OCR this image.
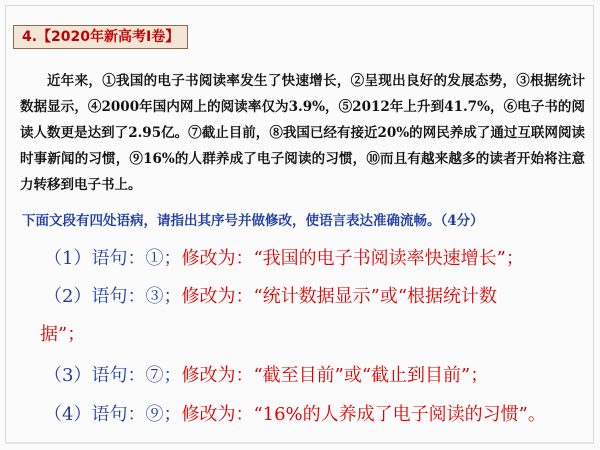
4.【2020年新高考Ⅰ卷】

近年来，①我国的电子书阅读率发生了快速增长，②呈现出良好的发展态势，③根据统计数据显示，④2000年国内网上的阅读率仅为3.9%，⑤2012年上升到41.7%，⑥电子书的阅读人数更是达到了2.95亿。⑦截止目前，⑧我国已经有接近20%的网民养成了通过互联网阅读时事新闻的习惯，⑨16%的人群养成了电子阅读的习惯，⑩而且有越来越多的读者开始将注意力转移到电子书上。

下面文段有四处语病，请指出其序号并做修改，使语言表达准确流畅。（4分）
（1）语句：①；修改为：“我国的电子书阅读率快速增长”；
（2）语句：③；修改为：“统计数据显示”或“根据统计数
据”；
（3）语句：⑦；修改为：“截至目前”或“截止到目前”；
（4）语句：⑨；修改为：“16%的人养成了电子阅读的习惯”。
